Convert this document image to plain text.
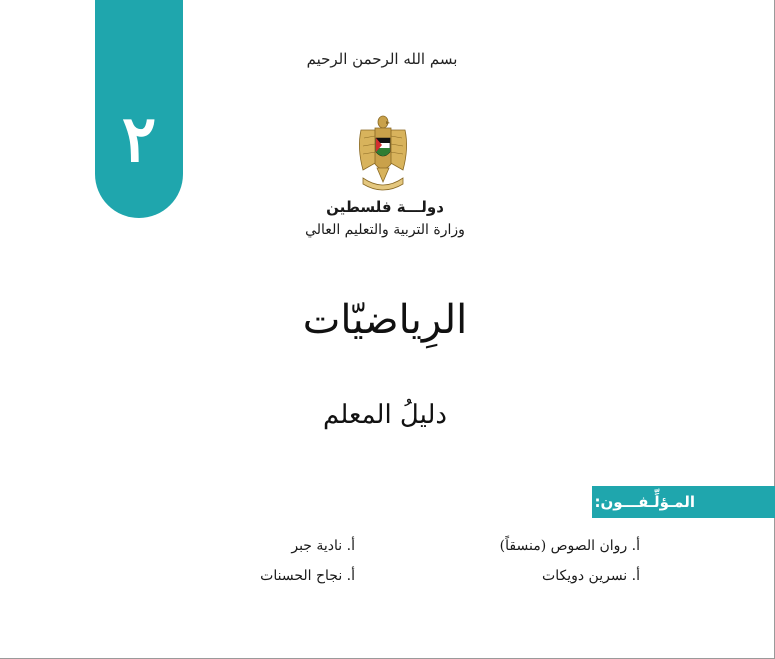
٢
بسم الله الرحمن الرحيم
دولـــة فلسطين
وزارة التربية والتعليم العالي
الرِياضيّات
دليلُ المعلم
المـؤلِّـفـــون:
أ. روان الصوص (منسقاً)
أ. نادية جبر
أ. نسرين دويكات
أ. نجاح الحسنات
